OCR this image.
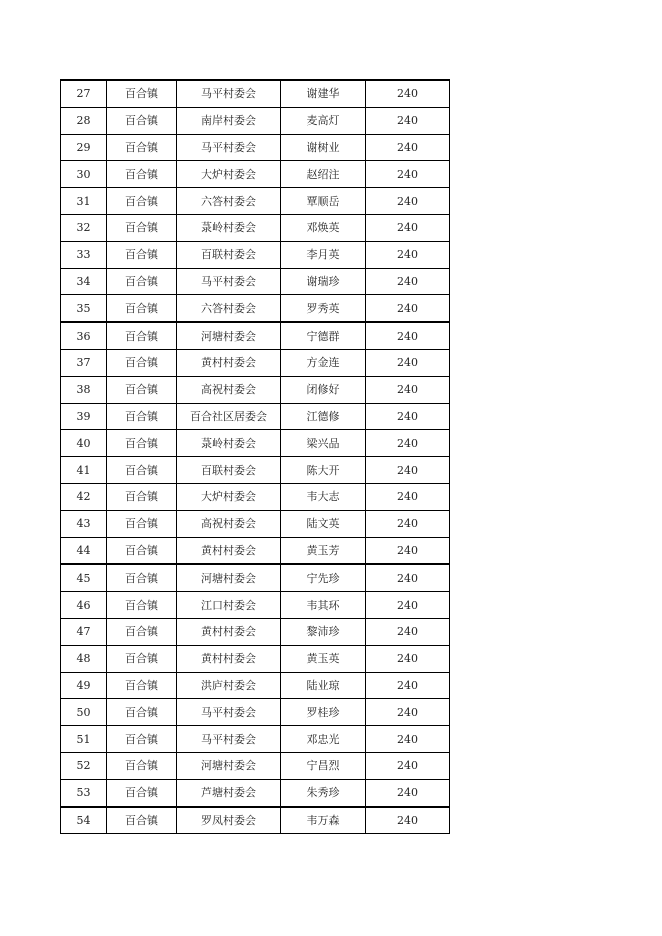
27	百合镇	马平村委会	谢建华	240
28	百合镇	南岸村委会	麦高灯	240
29	百合镇	马平村委会	谢树业	240
30	百合镇	大炉村委会	赵绍注	240
31	百合镇	六答村委会	覃顺岳	240
32	百合镇	菉岭村委会	邓焕英	240
33	百合镇	百联村委会	李月英	240
34	百合镇	马平村委会	谢瑞珍	240
35	百合镇	六答村委会	罗秀英	240
36	百合镇	河塘村委会	宁德群	240
37	百合镇	黄村村委会	方金连	240
38	百合镇	高祝村委会	闭修好	240
39	百合镇	百合社区居委会	江德修	240
40	百合镇	菉岭村委会	梁兴品	240
41	百合镇	百联村委会	陈大开	240
42	百合镇	大炉村委会	韦大志	240
43	百合镇	高祝村委会	陆文英	240
44	百合镇	黄村村委会	黄玉芳	240
45	百合镇	河塘村委会	宁先珍	240
46	百合镇	江口村委会	韦其环	240
47	百合镇	黄村村委会	黎沛珍	240
48	百合镇	黄村村委会	黄玉英	240
49	百合镇	洪庐村委会	陆业琼	240
50	百合镇	马平村委会	罗桂珍	240
51	百合镇	马平村委会	邓忠光	240
52	百合镇	河塘村委会	宁昌烈	240
53	百合镇	芦塘村委会	朱秀珍	240
54	百合镇	罗凤村委会	韦万森	240
